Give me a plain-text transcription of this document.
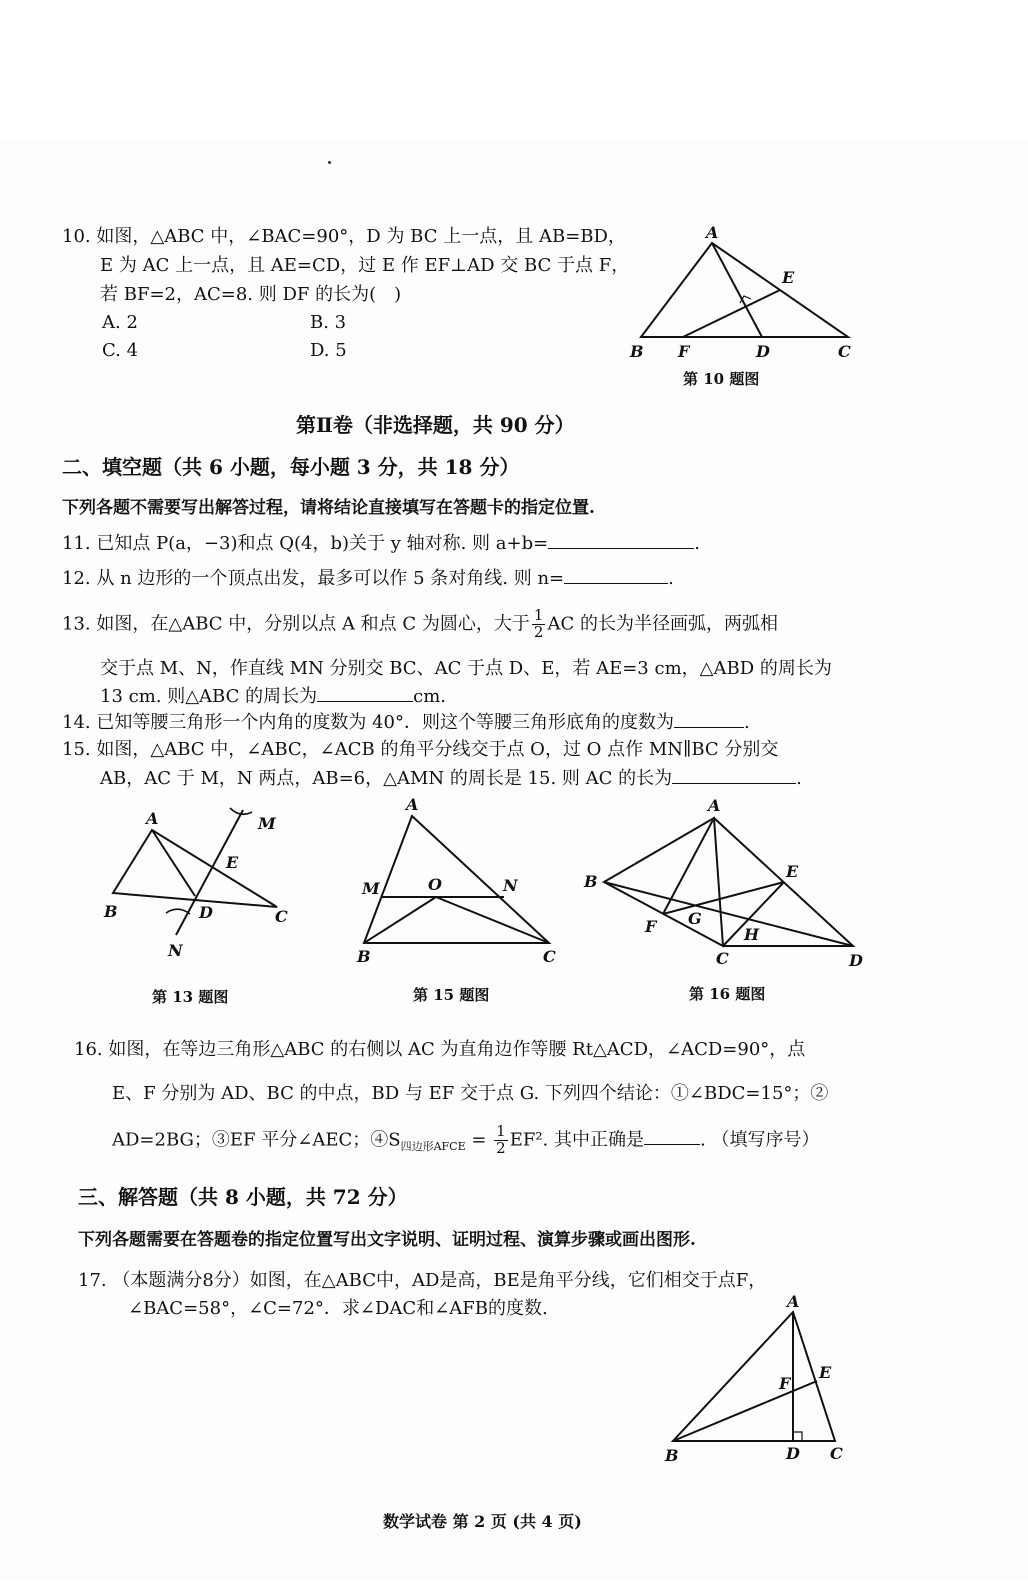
10. 如图，△ABC 中，∠BAC=90°，D 为 BC 上一点，且 AB=BD，
E 为 AC 上一点，且 AE=CD，过 E 作 EF⊥AD 交 BC 于点 F，
若 BF=2，AC=8. 则 DF 的长为(　)
A. 2	B. 3
C. 4	D. 5
A
B	C
D
E
F
第 10 题图
第Ⅱ卷（非选择题，共 90 分）
二、填空题（共 6 小题，每小题 3 分，共 18 分）
下列各题不需要写出解答过程，请将结论直接填写在答题卡的指定位置.
11. 已知点 P(a，−3)和点 Q(4，b)关于 y 轴对称. 则 a+b=	.
12. 从 n 边形的一个顶点出发，最多可以作 5 条对角线. 则 n=	.
13. 如图，在△ABC 中，分别以点 A 和点 C 为圆心，大于 $\frac{1}{2}$ AC 的长为半径画弧，两弧相
交于点 M、N，作直线 MN 分别交 BC、AC 于点 D、E，若 AE=3 cm，△ABD 的周长为
13 cm. 则△ABC 的周长为	cm.
14. 已知等腰三角形一个内角的度数为 40°．则这个等腰三角形底角的度数为	.
15. 如图，△ABC 中，∠ABC，∠ACB 的角平分线交于点 O，过 O 点作 MN∥BC 分别交
AB，AC 于 M，N 两点，AB=6，△AMN 的周长是 15. 则 AC 的长为	.
A
B	C
D
E
M
N
A
B	C
M	N
O
A
B
C	D
E
F G
H
第 13 题图	第 15 题图	第 16 题图
16. 如图，在等边三角形△ABC 的右侧以 AC 为直角边作等腰 Rt△ACD，∠ACD=90°，点
E、F 分别为 AD、BC 的中点，BD 与 EF 交于点 G. 下列四个结论：①∠BDC=15°；②
AD=2BG；③EF 平分∠AEC；$④S_{四边形AFCE} = \frac{1}{2} EF^2$. 其中正确是	. （填写序号）
三、解答题（共 8 小题，共 72 分）
下列各题需要在答题卷的指定位置写出文字说明、证明过程、演算步骤或画出图形.
17. （本题满分8分）如图，在△ABC中，AD是高，BE是角平分线，它们相交于点F，
∠BAC=58°，∠C=72°．求∠DAC和∠AFB的度数.	A
B	C
D
E
F
数学试卷 第 2 页 (共 4 页)
